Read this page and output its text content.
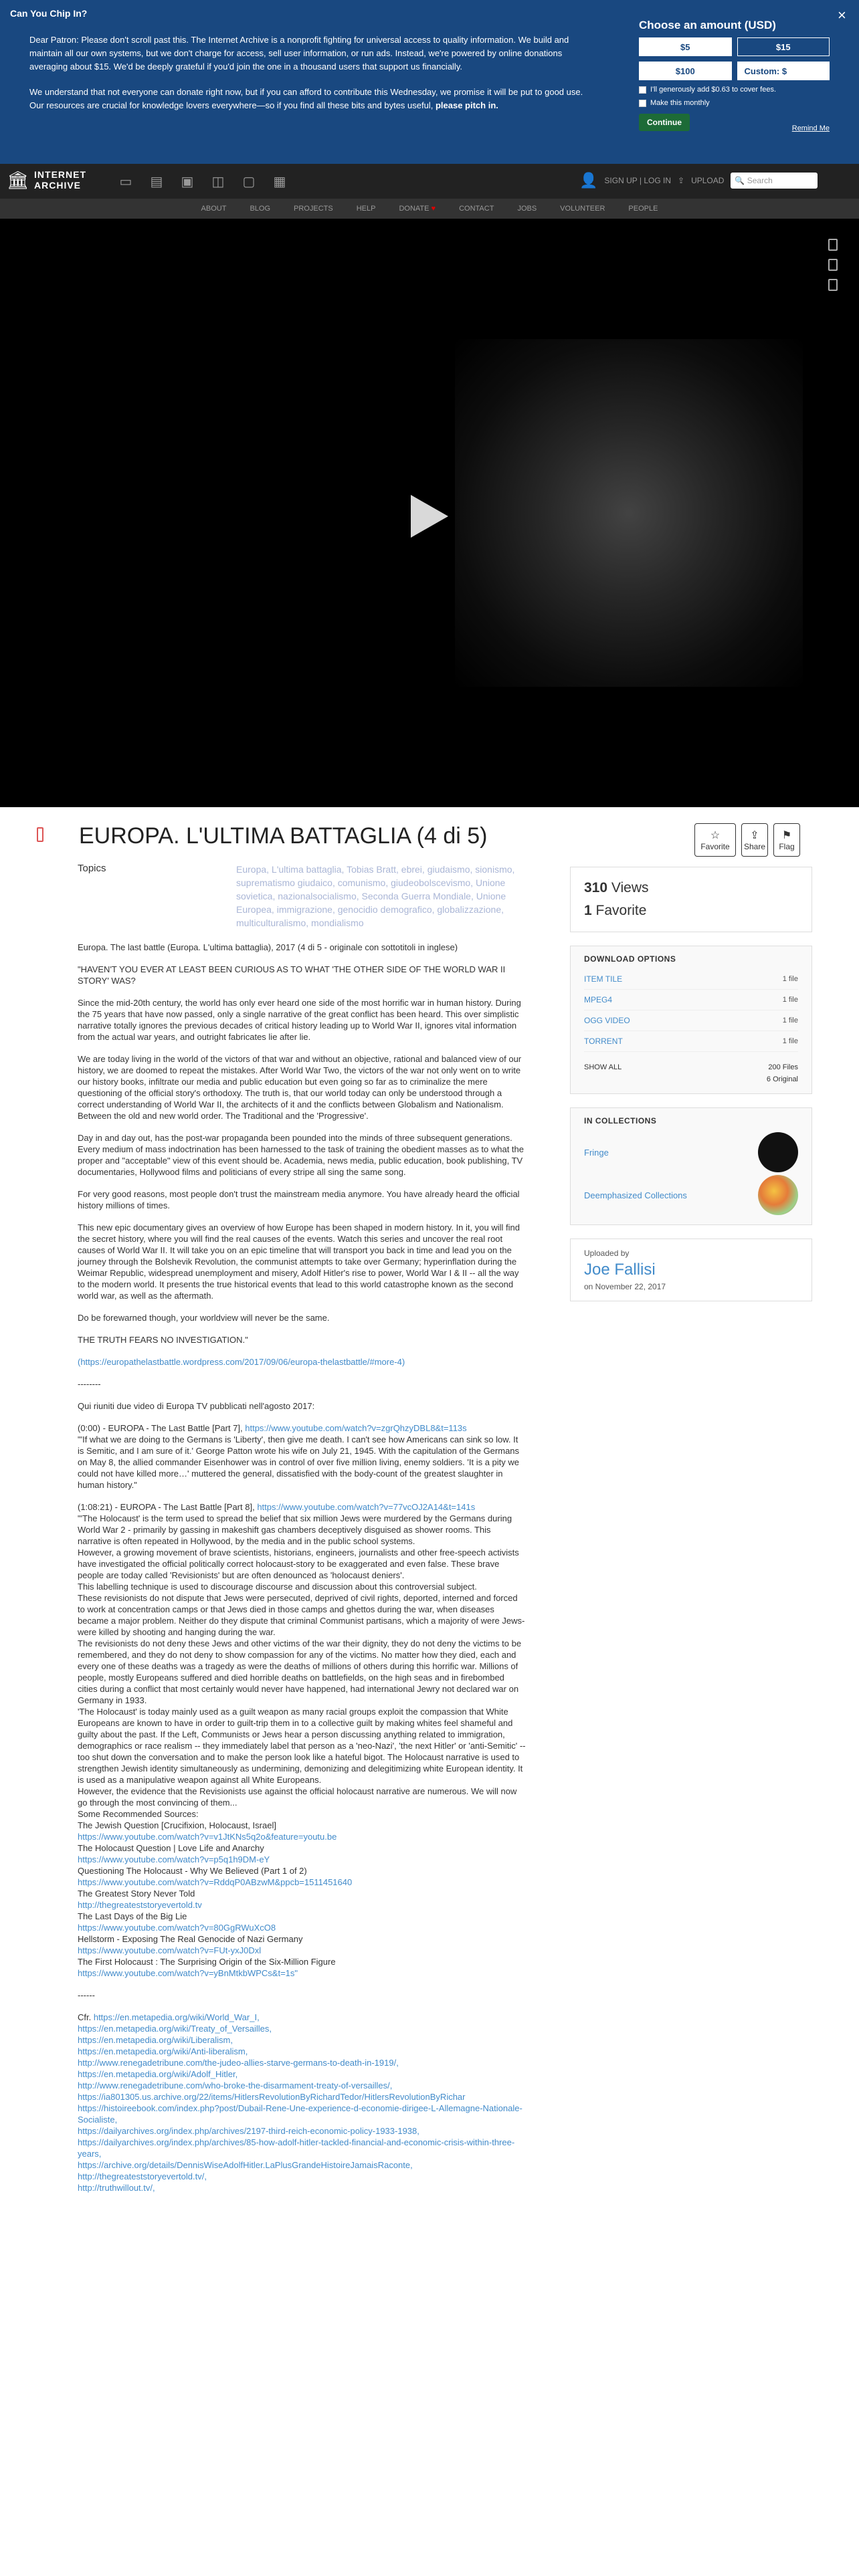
Can You Chip In?	×

Dear Patron: Please don't scroll past this. The Internet Archive is a nonprofit fighting for universal access to quality information. We build and maintain all our own systems, but we don't charge for access, sell user information, or run ads. Instead, we're powered by online donations averaging about $15. We'd be deeply grateful if you'd join the one in a thousand users that support us financially.

We understand that not everyone can donate right now, but if you can afford to contribute this Wednesday, we promise it will be put to good use. Our resources are crucial for knowledge lovers everywhere—so if you find all these bits and bytes useful, please pitch in.

Choose an amount (USD)
$5	$15
$100	Custom: $
I'll generously add $0.63 to cover fees.
Make this monthly
Continue
Remind Me
🏛 INTERNET
ARCHIVE	▭ ▤ ▣ ◫ ▢ ▦	👤 SIGN UP | LOG IN ⇪ UPLOAD 🔍
Search
ABOUT	BLOG	PROJECTS	HELP	DONATE ♥	CONTACT	JOBS	VOLUNTEER	PEOPLE
EUROPA. L'ULTIMA BATTAGLIA (4 di 5)	☆
Favorite
⇪
Share
⚑
Flag
Topics	Europa, L'ultima battaglia, Tobias Bratt, ebrei, giudaismo, sionismo, suprematismo giudaico, comunismo, giudeobolscevismo, Unione sovietica, nazionalsocialismo, Seconda Guerra Mondiale, Unione Europea, immigrazione, genocidio demografico, globalizzazione, multiculturalismo, mondialismo

Europa. The last battle (Europa. L'ultima battaglia), 2017 (4 di 5 - originale con sottotitoli in inglese)

"HAVEN'T YOU EVER AT LEAST BEEN CURIOUS AS TO WHAT 'THE OTHER SIDE OF THE WORLD WAR II STORY' WAS?

Since the mid-20th century, the world has only ever heard one side of the most horrific war in human history. During the 75 years that have now passed, only a single narrative of the great conflict has been heard. This over simplistic narrative totally ignores the previous decades of critical history leading up to World War II, ignores vital information from the actual war years, and outright fabricates lie after lie.

We are today living in the world of the victors of that war and without an objective, rational and balanced view of our history, we are doomed to repeat the mistakes. After World War Two, the victors of the war not only went on to write our history books, infiltrate our media and public education but even going so far as to criminalize the mere questioning of the official story's orthodoxy. The truth is, that our world today can only be understood through a correct understanding of World War II, the architects of it and the conflicts between Globalism and Nationalism. Between the old and new world order. The Traditional and the 'Progressive'.

Day in and day out, has the post-war propaganda been pounded into the minds of three subsequent generations. Every medium of mass indoctrination has been harnessed to the task of training the obedient masses as to what the proper and "acceptable" view of this event should be. Academia, news media, public education, book publishing, TV documentaries, Hollywood films and politicians of every stripe all sing the same song.

For very good reasons, most people don't trust the mainstream media anymore. You have already heard the official history millions of times.

This new epic documentary gives an overview of how Europe has been shaped in modern history. In it, you will find the secret history, where you will find the real causes of the events. Watch this series and uncover the real root causes of World War II. It will take you on an epic timeline that will transport you back in time and lead you on the journey through the Bolshevik Revolution, the communist attempts to take over Germany; hyperinflation during the Weimar Republic, widespread unemployment and misery, Adolf Hitler's rise to power, World War I & II -- all the way to the modern world. It presents the true historical events that lead to this world catastrophe known as the second world war, as well as the aftermath.

Do be forewarned though, your worldview will never be the same.

THE TRUTH FEARS NO INVESTIGATION."

(https://europathelastbattle.wordpress.com/2017/09/06/europa-thelastbattle/#more-4)

--------

Qui riuniti due video di Europa TV pubblicati nell'agosto 2017:

(0:00) - EUROPA - The Last Battle [Part 7], https://www.youtube.com/watch?v=zgrQhzyDBL8&t=113s

"'If what we are doing to the Germans is 'Liberty', then give me death. I can't see how Americans can sink so low. It is Semitic, and I am sure of it.' George Patton wrote his wife on July 21, 1945. With the capitulation of the Germans on May 8, the allied commander Eisenhower was in control of over five million living, enemy soldiers. 'It is a pity we could not have killed more…' muttered the general, dissatisfied with the body-count of the greatest slaughter in human history."

(1:08:21) - EUROPA - The Last Battle [Part 8], https://www.youtube.com/watch?v=77vcOJ2A14&t=141s

"'The Holocaust' is the term used to spread the belief that six million Jews were murdered by the Germans during World War 2 - primarily by gassing in makeshift gas chambers deceptively disguised as shower rooms. This narrative is often repeated in Hollywood, by the media and in the public school systems.

However, a growing movement of brave scientists, historians, engineers, journalists and other free-speech activists have investigated the official politically correct holocaust-story to be exaggerated and even false. These brave people are today called 'Revisionists' but are often denounced as 'holocaust deniers'.

This labelling technique is used to discourage discourse and discussion about this controversial subject.

These revisionists do not dispute that Jews were persecuted, deprived of civil rights, deported, interned and forced to work at concentration camps or that Jews died in those camps and ghettos during the war, when diseases became a major problem. Neither do they dispute that criminal Communist partisans, which a majority of were Jews- were killed by shooting and hanging during the war.

The revisionists do not deny these Jews and other victims of the war their dignity, they do not deny the victims to be remembered, and they do not deny to show compassion for any of the victims. No matter how they died, each and every one of these deaths was a tragedy as were the deaths of millions of others during this horrific war. Millions of people, mostly Europeans suffered and died horrible deaths on battlefields, on the high seas and in firebombed cities during a conflict that most certainly would never have happened, had international Jewry not declared war on Germany in 1933.

'The Holocaust' is today mainly used as a guilt weapon as many racial groups exploit the compassion that White Europeans are known to have in order to guilt-trip them in to a collective guilt by making whites feel shameful and guilty about the past. If the Left, Communists or Jews hear a person discussing anything related to immigration, demographics or race realism -- they immediately label that person as a 'neo-Nazi', 'the next Hitler' or 'anti-Semitic' -- too shut down the conversation and to make the person look like a hateful bigot. The Holocaust narrative is used to strengthen Jewish identity simultaneously as undermining, demonizing and delegitimizing white European identity. It is used as a manipulative weapon against all White Europeans.

However, the evidence that the Revisionists use against the official holocaust narrative are numerous. We will now go through the most convincing of them...

Some Recommended Sources:

The Jewish Question [Crucifixion, Holocaust, Israel]

https://www.youtube.com/watch?v=v1JtKNs5q2o&feature=youtu.be

The Holocaust Question | Love Life and Anarchy

https://www.youtube.com/watch?v=p5q1h9DM-eY

Questioning The Holocaust - Why We Believed (Part 1 of 2)

https://www.youtube.com/watch?v=RddqP0ABzwM&ppcb=1511451640

The Greatest Story Never Told

http://thegreateststoryevertold.tv

The Last Days of the Big Lie

https://www.youtube.com/watch?v=80GgRWuXcO8

Hellstorm - Exposing The Real Genocide of Nazi Germany

https://www.youtube.com/watch?v=FUt-yxJ0Dxl

The First Holocaust : The Surprising Origin of the Six-Million Figure

https://www.youtube.com/watch?v=yBnMtkbWPCs&t=1s"

------

Cfr. https://en.metapedia.org/wiki/World_War_I,

https://en.metapedia.org/wiki/Treaty_of_Versailles,

https://en.metapedia.org/wiki/Liberalism,

https://en.metapedia.org/wiki/Anti-liberalism,

http://www.renegadetribune.com/the-judeo-allies-starve-germans-to-death-in-1919/,

https://en.metapedia.org/wiki/Adolf_Hitler,

http://www.renegadetribune.com/who-broke-the-disarmament-treaty-of-versailles/,

https://ia801305.us.archive.org/22/items/HitlersRevolutionByRichardTedor/HitlersRevolutionByRichar

https://histoireebook.com/index.php?post/Dubail-Rene-Une-experience-d-economie-dirigee-L-Allemagne-Nationale-Socialiste,

https://dailyarchives.org/index.php/archives/2197-third-reich-economic-policy-1933-1938,

https://dailyarchives.org/index.php/archives/85-how-adolf-hitler-tackled-financial-and-economic-crisis-within-three-years,

https://archive.org/details/DennisWiseAdolfHitler.LaPlusGrandeHistoireJamaisRaconte,

http://thegreateststoryevertold.tv/,

http://truthwillout.tv/,

310 Views
1 Favorite
DOWNLOAD OPTIONS
ITEM TILE	1 file
MPEG4	1 file
OGG VIDEO	1 file
TORRENT	1 file
SHOW ALL	200 Files
6 Original
IN COLLECTIONS
Fringe
Deemphasized Collections
Uploaded by
Joe Fallisi
on November 22, 2017
